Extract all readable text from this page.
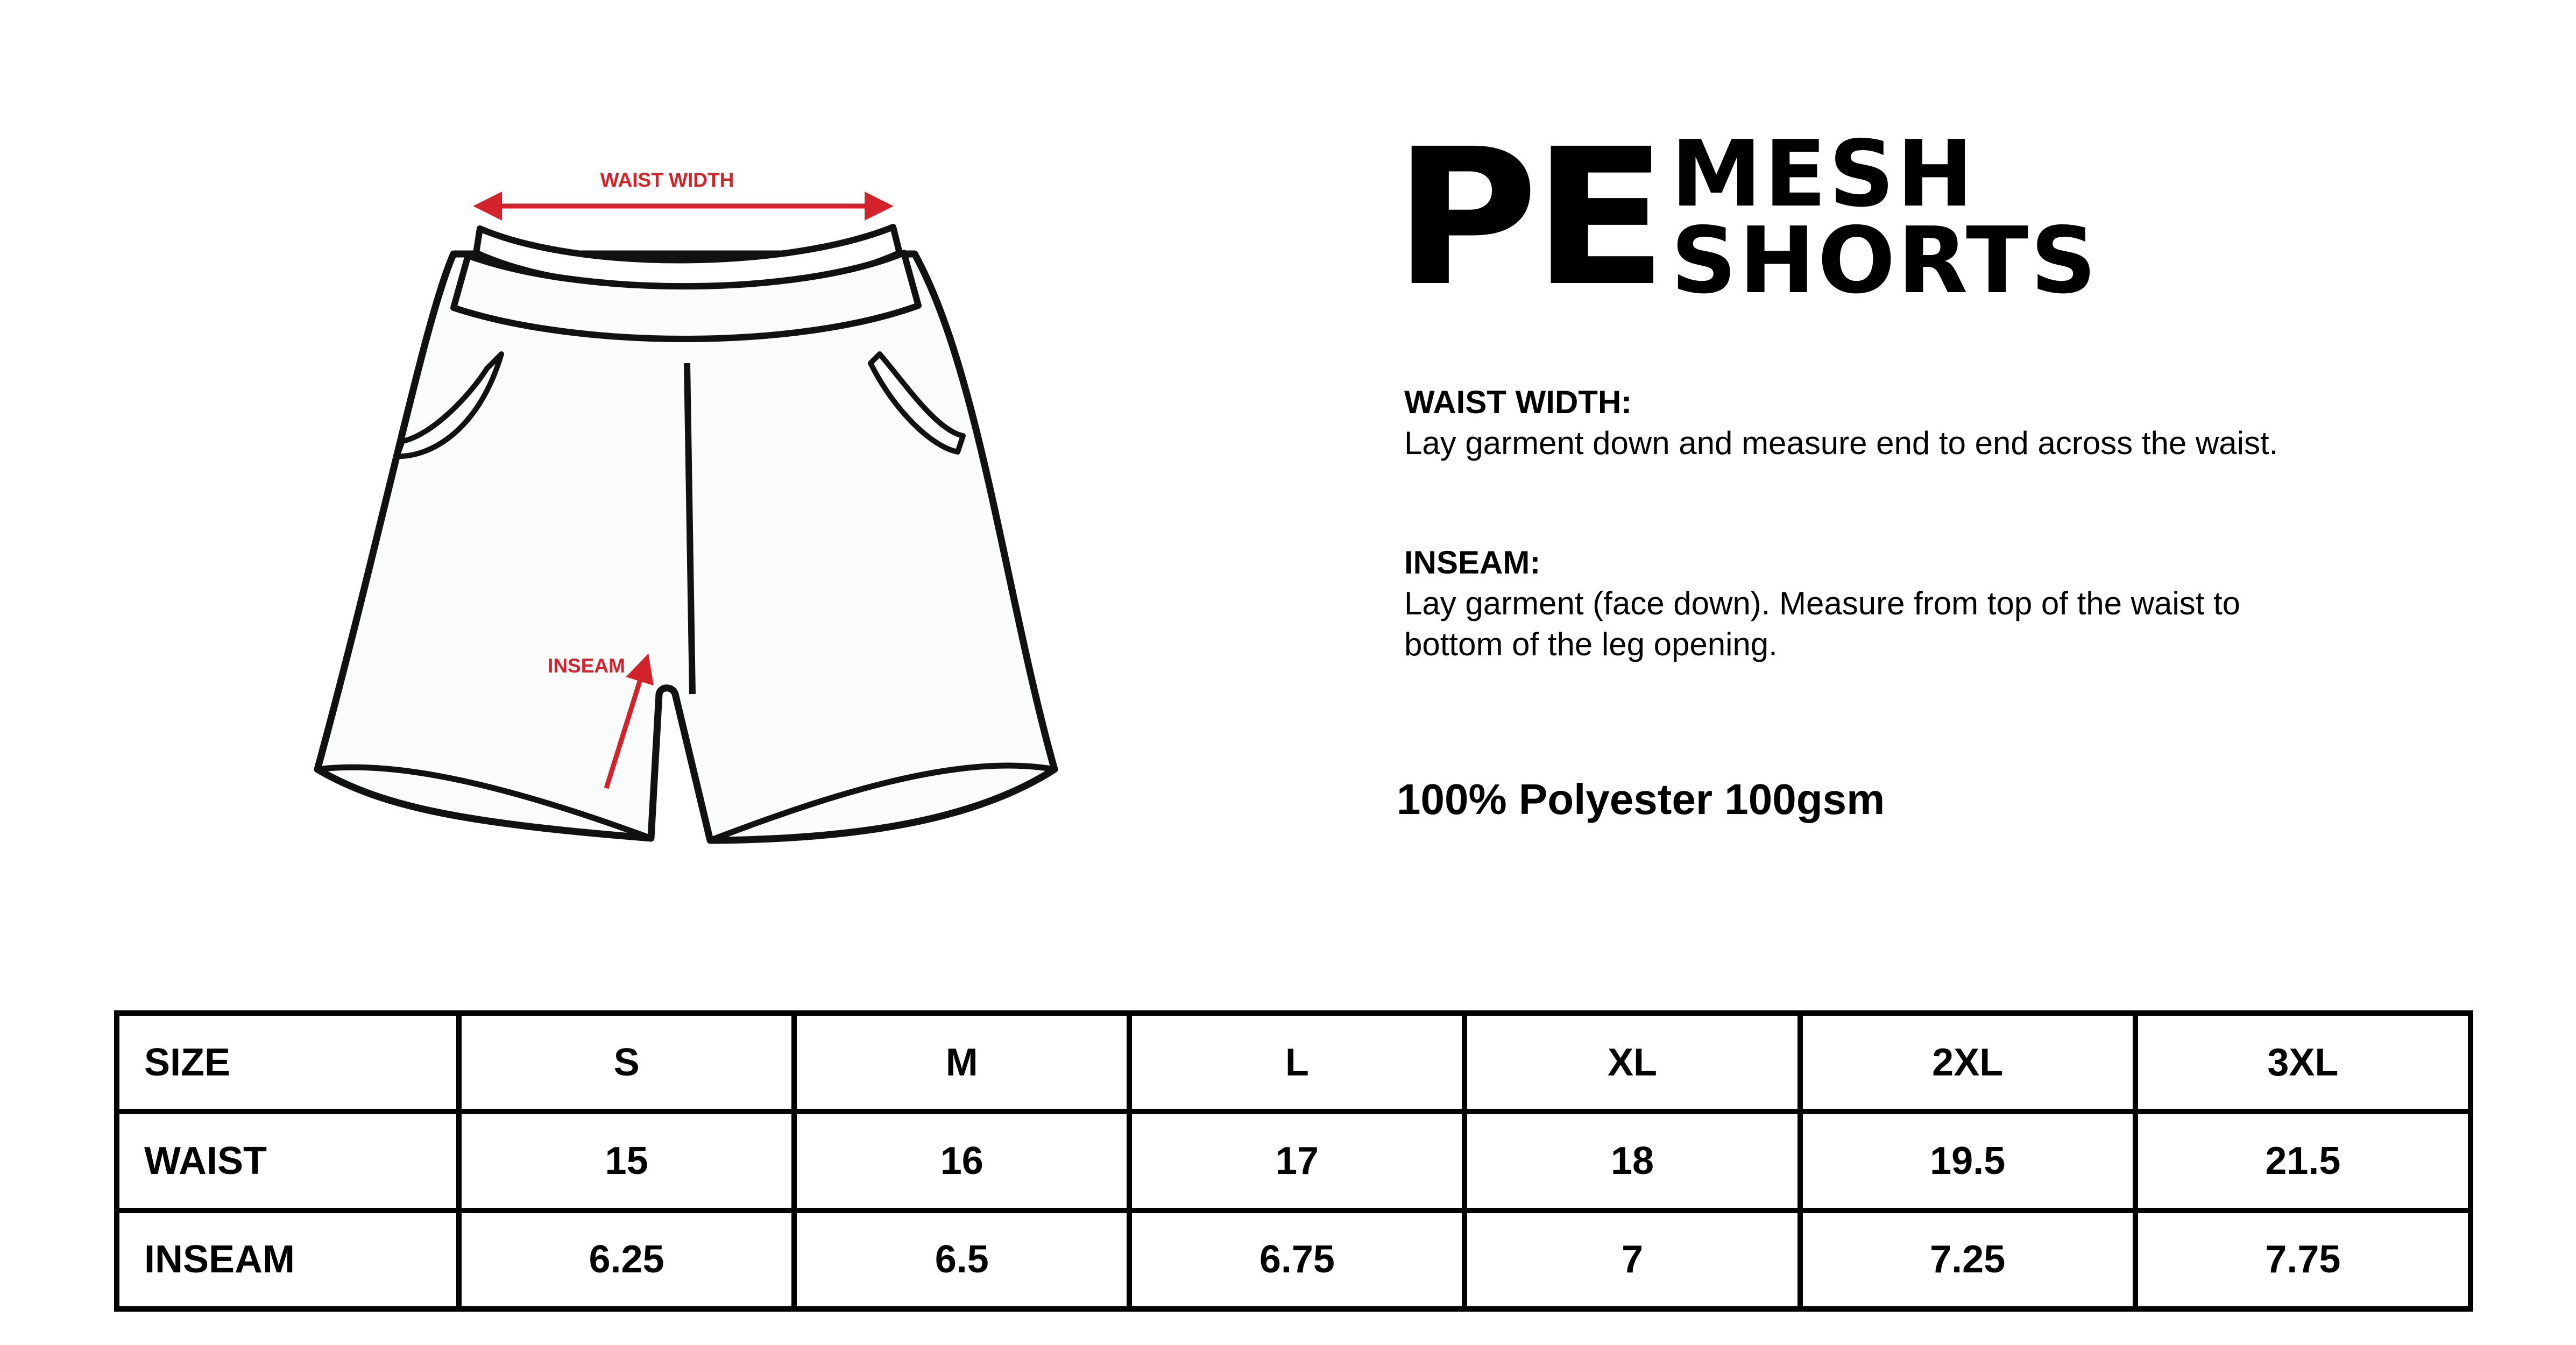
WAIST WIDTH
INSEAM
PE MESH
SHORTS
WAIST WIDTH:
Lay garment down and measure end to end across the waist.
INSEAM:
Lay garment (face down). Measure from top of the waist to bottom of the leg opening.
100% Polyester 100gsm
SIZE	S	M	L	XL	2XL	3XL
WAIST	15	16	17	18	19.5	21.5
INSEAM	6.25	6.5	6.75	7	7.25	7.75
